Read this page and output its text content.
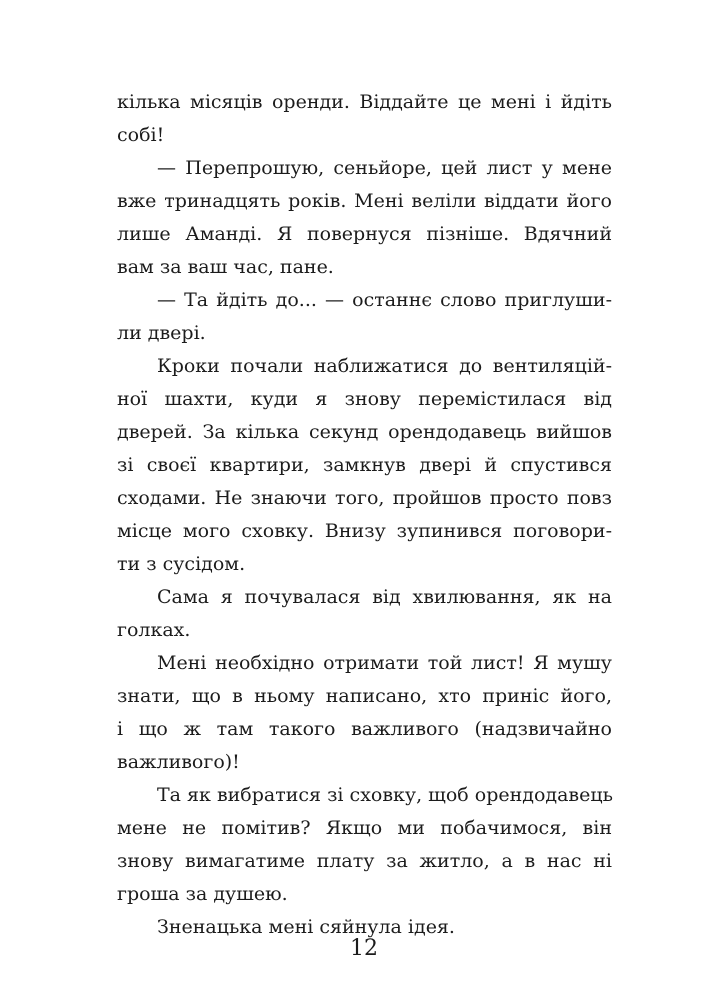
кілька місяців оренди. Віддайте це мені і йдіть
собі!
— Перепрошую, сеньйоре, цей лист у мене
вже тринадцять років. Мені веліли віддати його
лише Аманді. Я повернуся пізніше. Вдячний
вам за ваш час, пане.
— Та йдіть до... — останнє слово приглуши-
ли двері.
Кроки почали наближатися до вентиляцій-
ної шахти, куди я знову перемістилася від
дверей. За кілька секунд орендодавець вийшов
зі своєї квартири, замкнув двері й спустився
сходами. Не знаючи того, пройшов просто повз
місце мого сховку. Внизу зупинився поговори-
ти з сусідом.
Сама я почувалася від хвилювання, як на
голках.
Мені необхідно отримати той лист! Я мушу
знати, що в ньому написано, хто приніс його,
і що ж там такого важливого (надзвичайно
важливого)!
Та як вибратися зі сховку, щоб орендодавець
мене не помітив? Якщо ми побачимося, він
знову вимагатиме плату за житло, а в нас ні
гроша за душею.
Зненацька мені сяйнула ідея.
12
